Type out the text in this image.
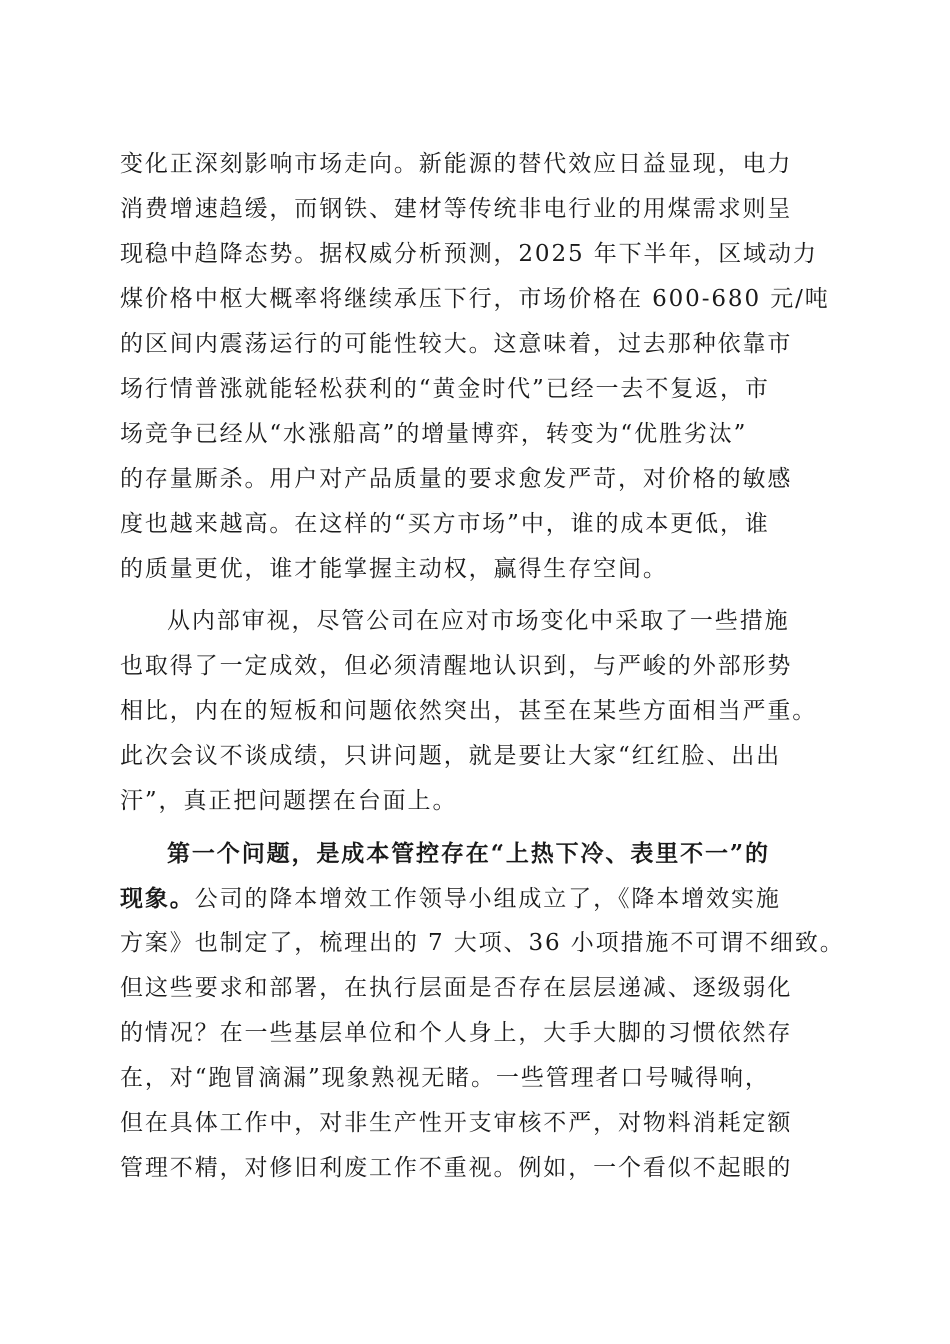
变化正深刻影响市场走向。新能源的替代效应日益显现，电力
消费增速趋缓，而钢铁、建材等传统非电行业的用煤需求则呈
现稳中趋降态势。据权威分析预测，2025 年下半年，区域动力
煤价格中枢大概率将继续承压下行，市场价格在 600-680 元/吨
的区间内震荡运行的可能性较大。这意味着，过去那种依靠市
场行情普涨就能轻松获利的“黄金时代”已经一去不复返，市
场竞争已经从“水涨船高”的增量博弈，转变为“优胜劣汰”
的存量厮杀。用户对产品质量的要求愈发严苛，对价格的敏感
度也越来越高。在这样的“买方市场”中，谁的成本更低，谁
的质量更优，谁才能掌握主动权，赢得生存空间。
从内部审视，尽管公司在应对市场变化中采取了一些措施
也取得了一定成效，但必须清醒地认识到，与严峻的外部形势
相比，内在的短板和问题依然突出，甚至在某些方面相当严重。
此次会议不谈成绩，只讲问题，就是要让大家“红红脸、出出
汗”，真正把问题摆在台面上。
第一个问题，是成本管控存在“上热下冷、表里不一”的
现象。公司的降本增效工作领导小组成立了，《降本增效实施
方案》也制定了，梳理出的 7 大项、36 小项措施不可谓不细致。
但这些要求和部署，在执行层面是否存在层层递减、逐级弱化
的情况？在一些基层单位和个人身上，大手大脚的习惯依然存
在，对“跑冒滴漏”现象熟视无睹。一些管理者口号喊得响，
但在具体工作中，对非生产性开支审核不严，对物料消耗定额
管理不精，对修旧利废工作不重视。例如，一个看似不起眼的
